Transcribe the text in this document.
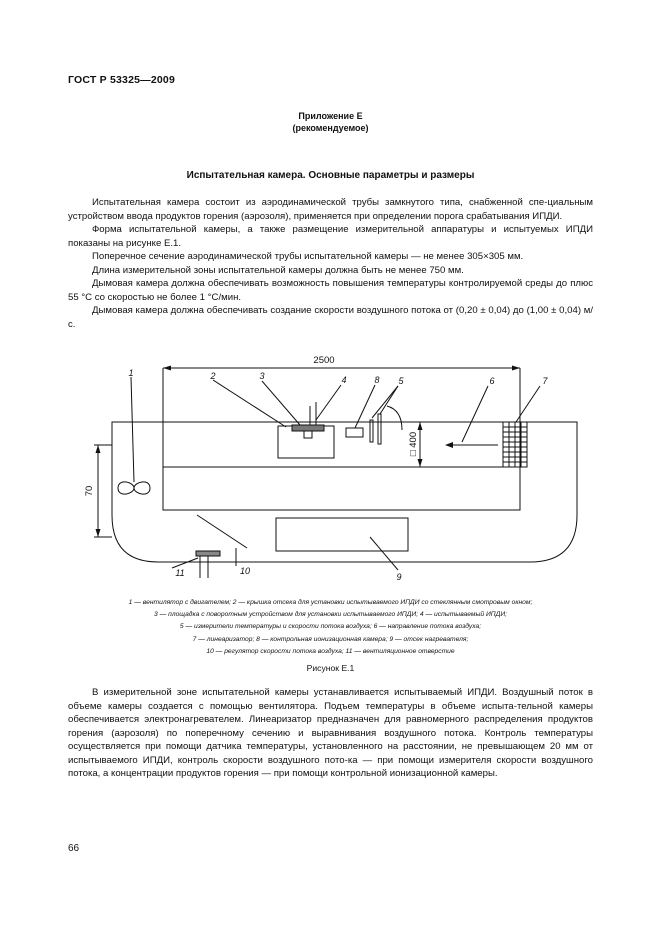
ГОСТ Р 53325—2009
Приложение Е
(рекомендуемое)
Испытательная камера. Основные параметры и размеры

Испытательная камера состоит из аэродинамической трубы замкнутого типа, снабженной спе-циальным устройством ввода продуктов горения (аэрозоля), применяется при определении порога срабатывания ИПДИ.

Форма испытательной камеры, а также размещение измерительной аппаратуры и испытуемых ИПДИ показаны на рисунке Е.1.

Поперечное сечение аэродинамической трубы испытательной камеры — не менее 305×305 мм.

Длина измерительной зоны испытательной камеры должна быть не менее 750 мм.

Дымовая камера должна обеспечивать возможность повышения температуры контролируемой среды до плюс 55 °С со скоростью не более 1 °С/мин.

Дымовая камера должна обеспечивать создание скорости воздушного потока от (0,20 ± 0,04) до (1,00 ± 0,04) м/с.

2500
70
□ 400
1	2	3	4	8 5	6	7
9
10
11
1 — вентилятор с двигателем; 2 — крышка отсека для установки испытываемого ИПДИ со стеклянным смотровым окном;
3 — площадка с поворотным устройством для установки испытываемого ИПДИ; 4 — испытываемый ИПДИ;
5 — измерители температуры и скорости потока воздуха; 6 — направление потока воздуха;
7 — линеаризатор; 8 — контрольная ионизационная камера; 9 — отсек нагревателя;
10 — регулятор скорости потока воздуха; 11 — вентиляционное отверстие
Рисунок Е.1

В измерительной зоне испытательной камеры устанавливается испытываемый ИПДИ. Воздушный поток в объеме камеры создается с помощью вентилятора. Подъем температуры в объеме испыта-тельной камеры обеспечивается электронагревателем. Линеаризатор предназначен для равномерного распределения продуктов горения (аэрозоля) по поперечному сечению и выравнивания воздушного потока. Контроль температуры осуществляется при помощи датчика температуры, установленного на расстоянии, не превышающем 20 мм от испытываемого ИПДИ, контроль скорости воздушного пото-ка — при помощи измерителя скорости воздушного потока, а концентрации продуктов горения — при помощи контрольной ионизационной камеры.

66
